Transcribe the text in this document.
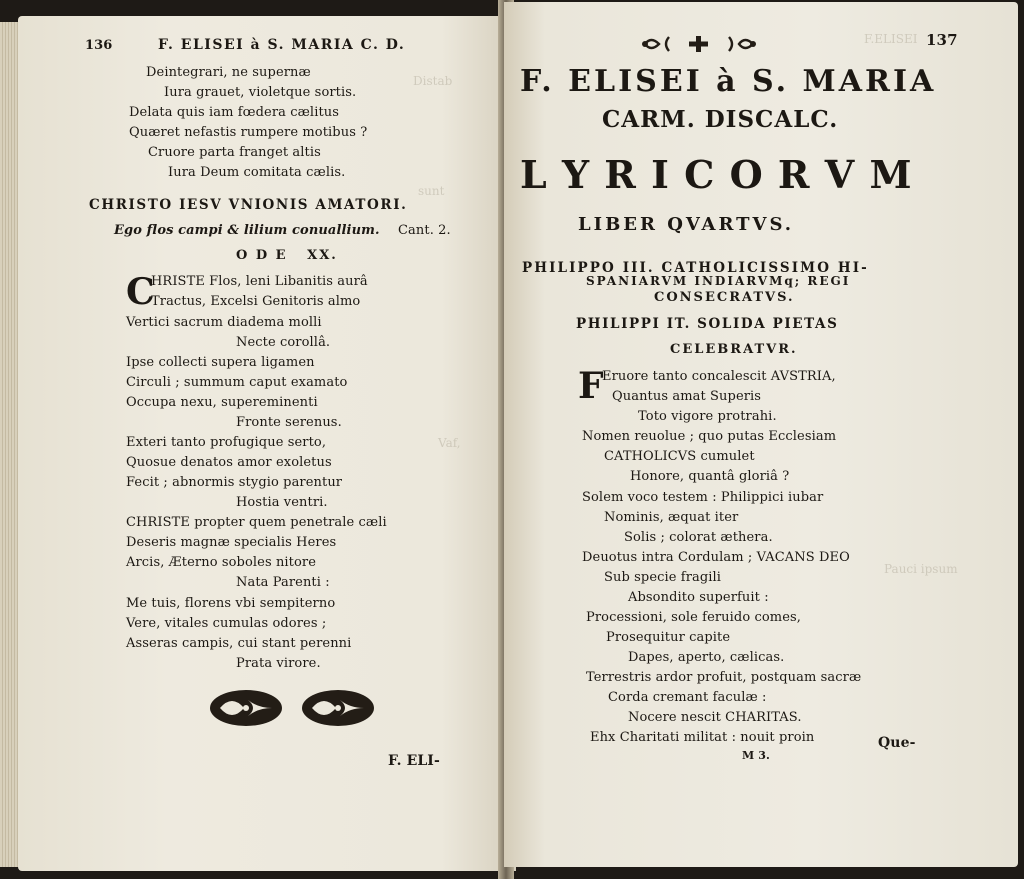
Distab
sunt
Vaf,
136	F. ELISEI à S. MARIA C. D.
Deintegrari, ne supernæ
Iura grauet, violetque sortis.
Delata quis iam fœdera cælitus
Quæret nefastis rumpere motibus ?
Cruore parta franget altis
Iura Deum comitata cælis.
CHRISTO IESV VNIONIS AMATORI.
Ego flos campi & lilium conuallium. Cant. 2.
O D E   XX.
C
HRISTE Flos, leni Libanitis aurâ
Tractus, Excelsi Genitoris almo
Vertici sacrum diadema molli
Necte corollâ.
Ipse collecti supera ligamen
Circuli ; summum caput examato
Occupa nexu, supereminenti
Fronte serenus.
Exteri tanto profugique serto,
Quosue denatos amor exoletus
Fecit ; abnormis stygio parentur
Hostia ventri.
CHRISTE propter quem penetrale cæli
Deseris magnæ specialis Heres
Arcis, Æterno soboles nitore
Nata Parenti :
Me tuis, florens vbi sempiterno
Vere, vitales cumulas odores ;
Asseras campis, cui stant perenni
Prata virore.
F. ELI-
F.ELISEI
Pauci ipsum
137
F. ELISEI à S. MARIA
CARM. DISCALC.
L Y R I C O R V M
LIBER QVARTVS.
PHILIPPO III. CATHOLICISSIMO HI-
SPANIARVM INDIARVMq; REGI
CONSECRATVS.
PHILIPPI IT. SOLIDA PIETAS
CELEBRATVR.
F
Eruore tanto concalescit AVSTRIA,
Quantus amat Superis
Toto vigore protrahi.
Nomen reuolue ; quo putas Ecclesiam
CATHOLICVS cumulet
Honore, quantâ gloriâ ?
Solem voco testem : Philippici iubar
Nominis, æquat iter
Solis ; colorat æthera.
Deuotus intra Cordulam ; VACANS DEO
Sub specie fragili
Absondito superfuit :
Processioni, sole feruido comes,
Prosequitur capite
Dapes, aperto, cælicas.
Terrestris ardor profuit, postquam sacræ
Corda cremant faculæ :
Nocere nescit CHARITAS.
Ehx Charitati militat : nouit proin
M 3.
Que-
